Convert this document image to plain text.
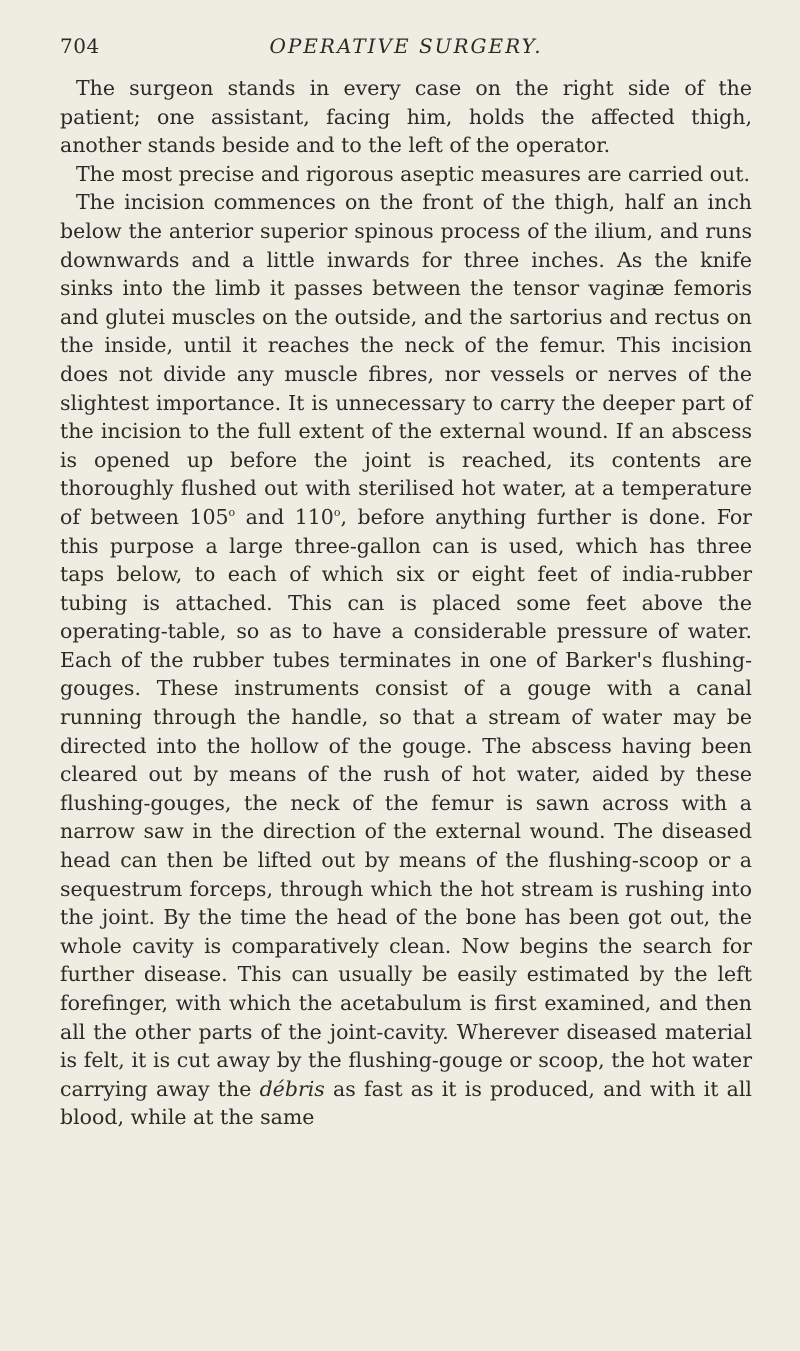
704	OPERATIVE SURGERY.

The surgeon stands in every case on the right side of the patient; one assistant, facing him, holds the affected thigh, another stands beside and to the left of the operator.

The most precise and rigorous aseptic measures are carried out.

The incision commences on the front of the thigh, half an inch below the anterior superior spinous process of the ilium, and runs downwards and a little inwards for three inches. As the knife sinks into the limb it passes between the tensor vaginæ femoris and glutei muscles on the outside, and the sartorius and rectus on the inside, until it reaches the neck of the femur. This incision does not divide any muscle fibres, nor vessels or nerves of the slightest importance. It is unnecessary to carry the deeper part of the incision to the full extent of the external wound. If an abscess is opened up before the joint is reached, its contents are thoroughly flushed out with sterilised hot water, at a temperature of between 105$^o$ and 110$^o$, before anything further is done. For this purpose a large three-gallon can is used, which has three taps below, to each of which six or eight feet of india-rubber tubing is attached. This can is placed some feet above the operating-table, so as to have a considerable pressure of water. Each of the rubber tubes terminates in one of Barker's flushing-gouges. These instruments consist of a gouge with a canal running through the handle, so that a stream of water may be directed into the hollow of the gouge. The abscess having been cleared out by means of the rush of hot water, aided by these flushing-gouges, the neck of the femur is sawn across with a narrow saw in the direction of the external wound. The diseased head can then be lifted out by means of the flushing-scoop or a sequestrum forceps, through which the hot stream is rushing into the joint. By the time the head of the bone has been got out, the whole cavity is comparatively clean. Now begins the search for further disease. This can usually be easily estimated by the left forefinger, with which the acetabulum is first examined, and then all the other parts of the joint-cavity. Wherever diseased material is felt, it is cut away by the flushing-gouge or scoop, the hot water carrying away the débris as fast as it is produced, and with it all blood, while at the same
